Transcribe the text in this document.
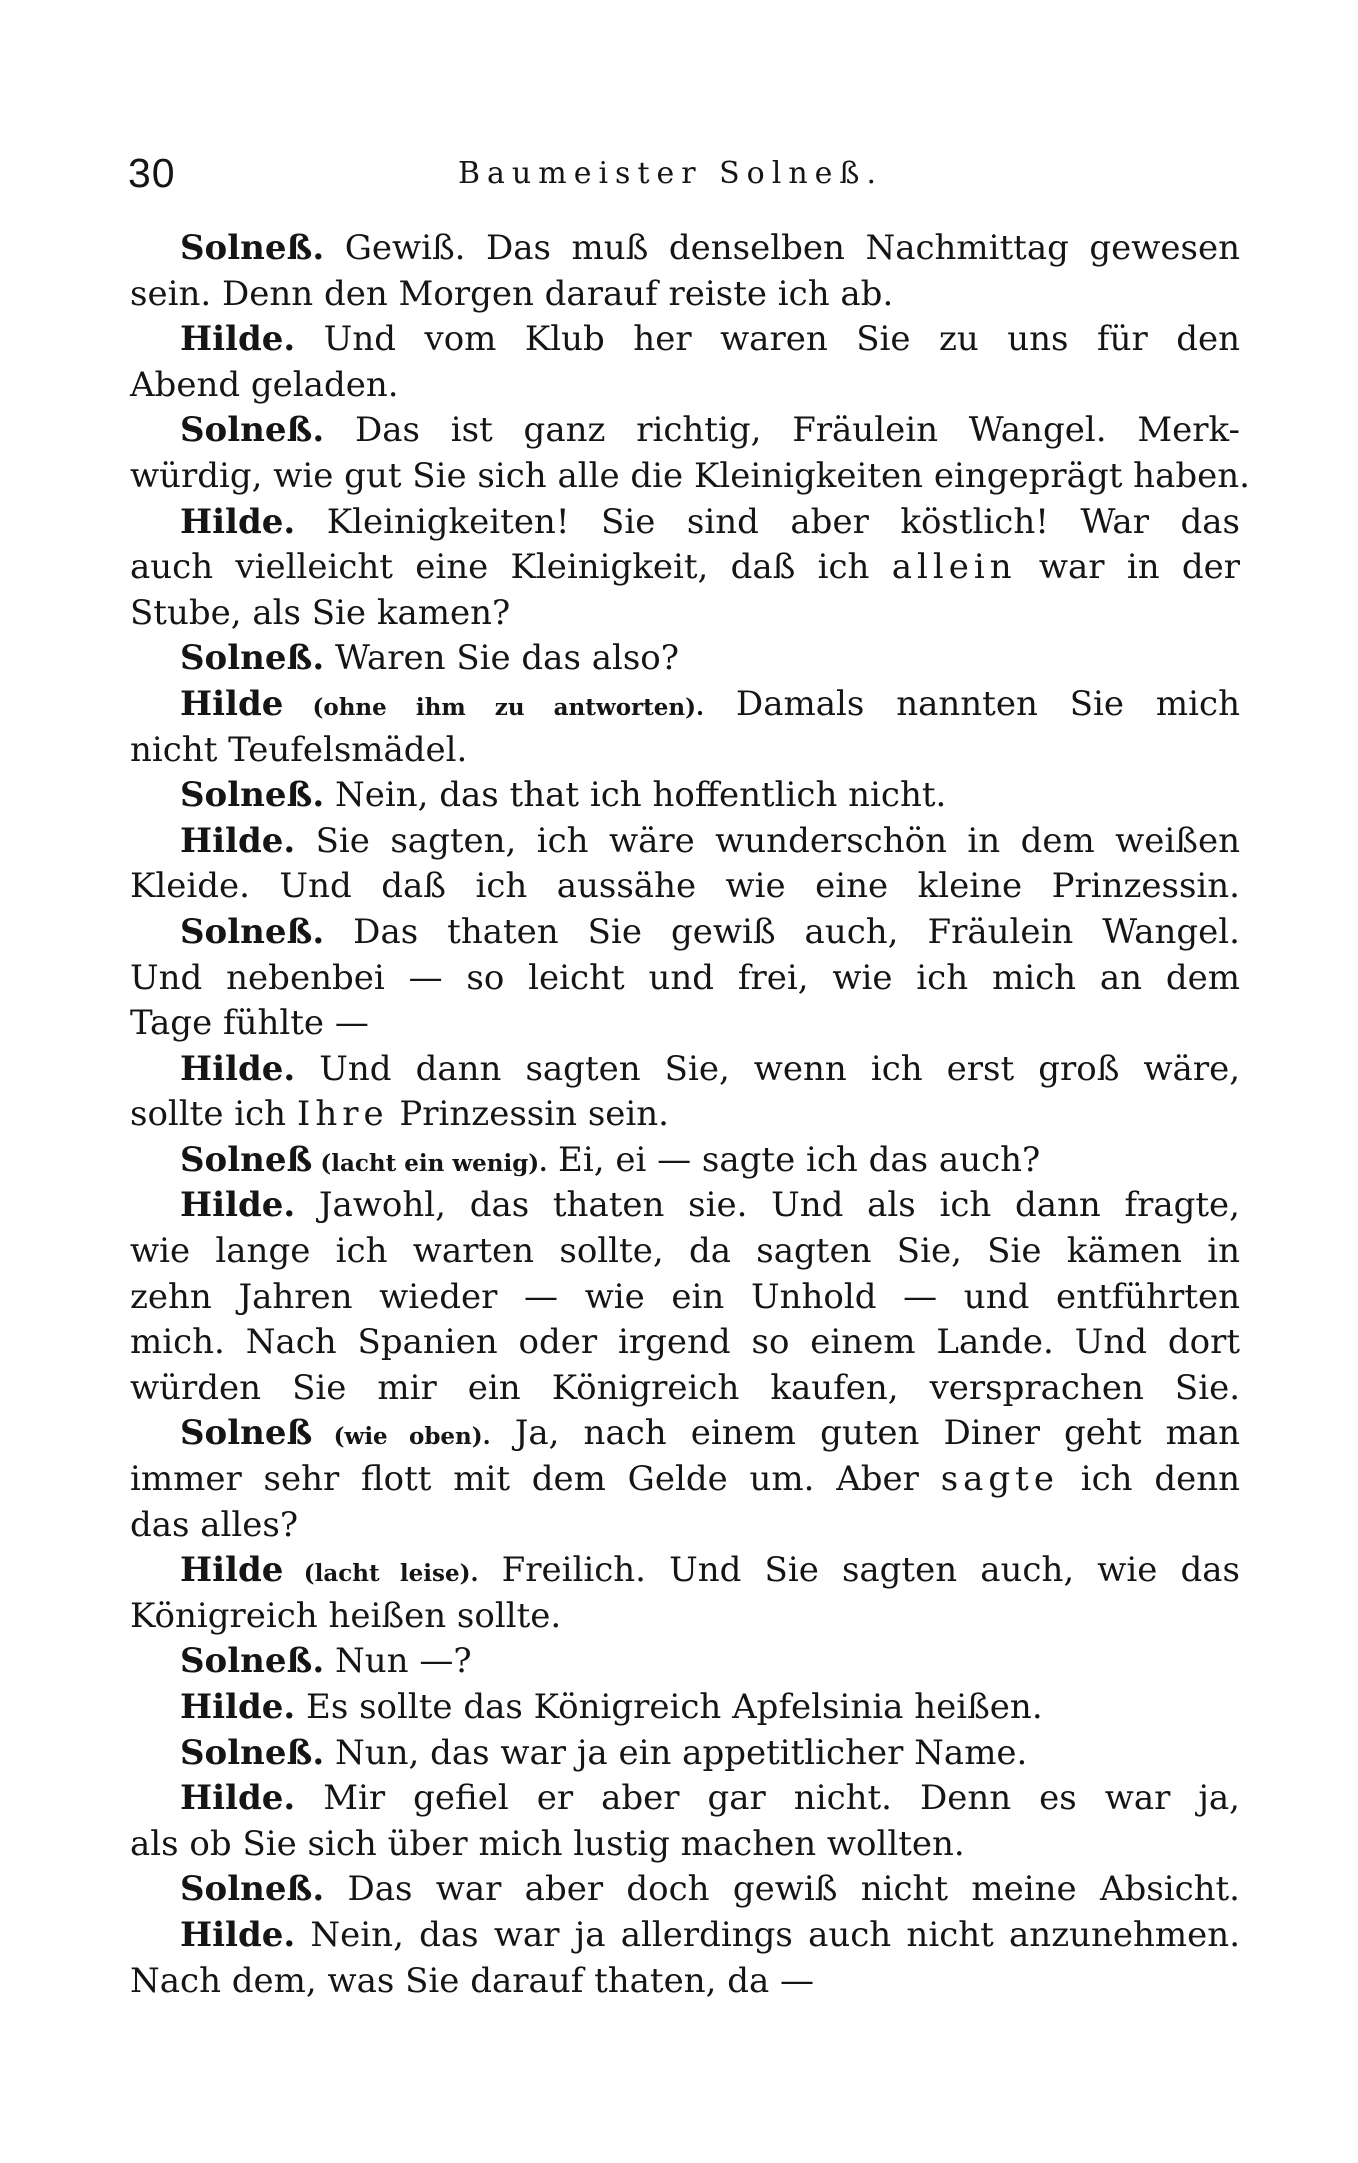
30	Baumeister Solneß.
Solneß. Gewiß. Das muß denselben Nachmittag gewesen
sein. Denn den Morgen darauf reiste ich ab.
Hilde. Und vom Klub her waren Sie zu uns für den
Abend geladen.
Solneß. Das ist ganz richtig, Fräulein Wangel. Merk-
würdig, wie gut Sie sich alle die Kleinigkeiten eingeprägt haben.
Hilde. Kleinigkeiten! Sie sind aber köstlich! War das
auch vielleicht eine Kleinigkeit, daß ich allein war in der
Stube, als Sie kamen?
Solneß. Waren Sie das also?
Hilde (ohne ihm zu antworten). Damals nannten Sie mich
nicht Teufelsmädel.
Solneß. Nein, das that ich hoffentlich nicht.
Hilde. Sie sagten, ich wäre wunderschön in dem weißen
Kleide. Und daß ich aussähe wie eine kleine Prinzessin.
Solneß. Das thaten Sie gewiß auch, Fräulein Wangel.
Und nebenbei — so leicht und frei, wie ich mich an dem
Tage fühlte —
Hilde. Und dann sagten Sie, wenn ich erst groß wäre,
sollte ich Ihre Prinzessin sein.
Solneß (lacht ein wenig). Ei, ei — sagte ich das auch?
Hilde. Jawohl, das thaten sie. Und als ich dann fragte,
wie lange ich warten sollte, da sagten Sie, Sie kämen in
zehn Jahren wieder — wie ein Unhold — und entführten
mich. Nach Spanien oder irgend so einem Lande. Und dort
würden Sie mir ein Königreich kaufen, versprachen Sie.
Solneß (wie oben). Ja, nach einem guten Diner geht man
immer sehr flott mit dem Gelde um. Aber sagte ich denn
das alles?
Hilde (lacht leise). Freilich. Und Sie sagten auch, wie das
Königreich heißen sollte.
Solneß. Nun —?
Hilde. Es sollte das Königreich Apfelsinia heißen.
Solneß. Nun, das war ja ein appetitlicher Name.
Hilde. Mir gefiel er aber gar nicht. Denn es war ja,
als ob Sie sich über mich lustig machen wollten.
Solneß. Das war aber doch gewiß nicht meine Absicht.
Hilde. Nein, das war ja allerdings auch nicht anzunehmen.
Nach dem, was Sie darauf thaten, da —
